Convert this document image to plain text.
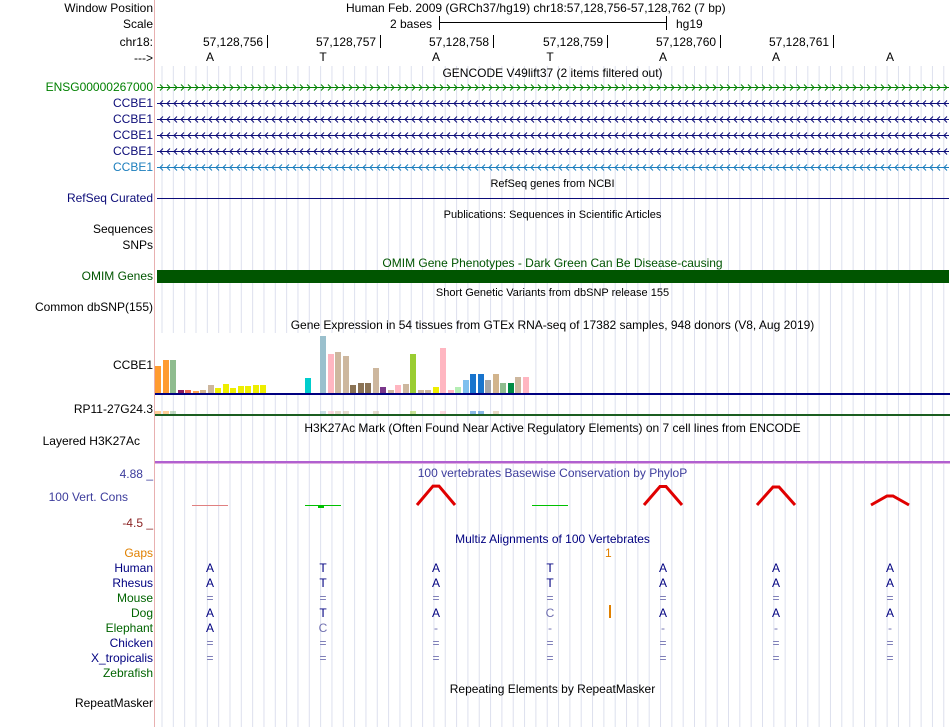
Window Position	Human Feb. 2009 (GRCh37/hg19) chr18:57,128,756-57,128,762 (7 bp)
Scale	2 bases	hg19
chr18:
--->
57,128,756	57,128,757	57,128,758	57,128,759	57,128,760	57,128,761
A	T	A	T	A	A	A
GENCODE V49lift37 (2 items filtered out)
ENSG00000267000
CCBE1
CCBE1
CCBE1
CCBE1
CCBE1
RefSeq genes from NCBI
RefSeq Curated
Publications: Sequences in Scientific Articles
Sequences
SNPs
OMIM Gene Phenotypes - Dark Green Can Be Disease-causing
OMIM Genes
Short Genetic Variants from dbSNP release 155
Common dbSNP(155)
Gene Expression in 54 tissues from GTEx RNA-seq of 17382 samples, 948 donors (V8, Aug 2019)
CCBE1
RP11-27G24.3
H3K27Ac Mark (Often Found Near Active Regulatory Elements) on 7 cell lines from ENCODE
Layered H3K27Ac
100 vertebrates Basewise Conservation by PhyloP
4.88 _
100 Vert. Cons
-4.5 _
Multiz Alignments of 100 Vertebrates
Gaps	1
Human	A	T	A	T	A	A	A
Rhesus	A	T	A	T	A	A	A
Mouse	=	=	=	=	=	=	=
Dog	A	T	A	C	A	A	A
Elephant	A	C	-	-	-	-	-
Chicken	=	=	=	=	=	=	=
X_tropicalis	=	=	=	=	=	=	=
Zebrafish
Repeating Elements by RepeatMasker
RepeatMasker
